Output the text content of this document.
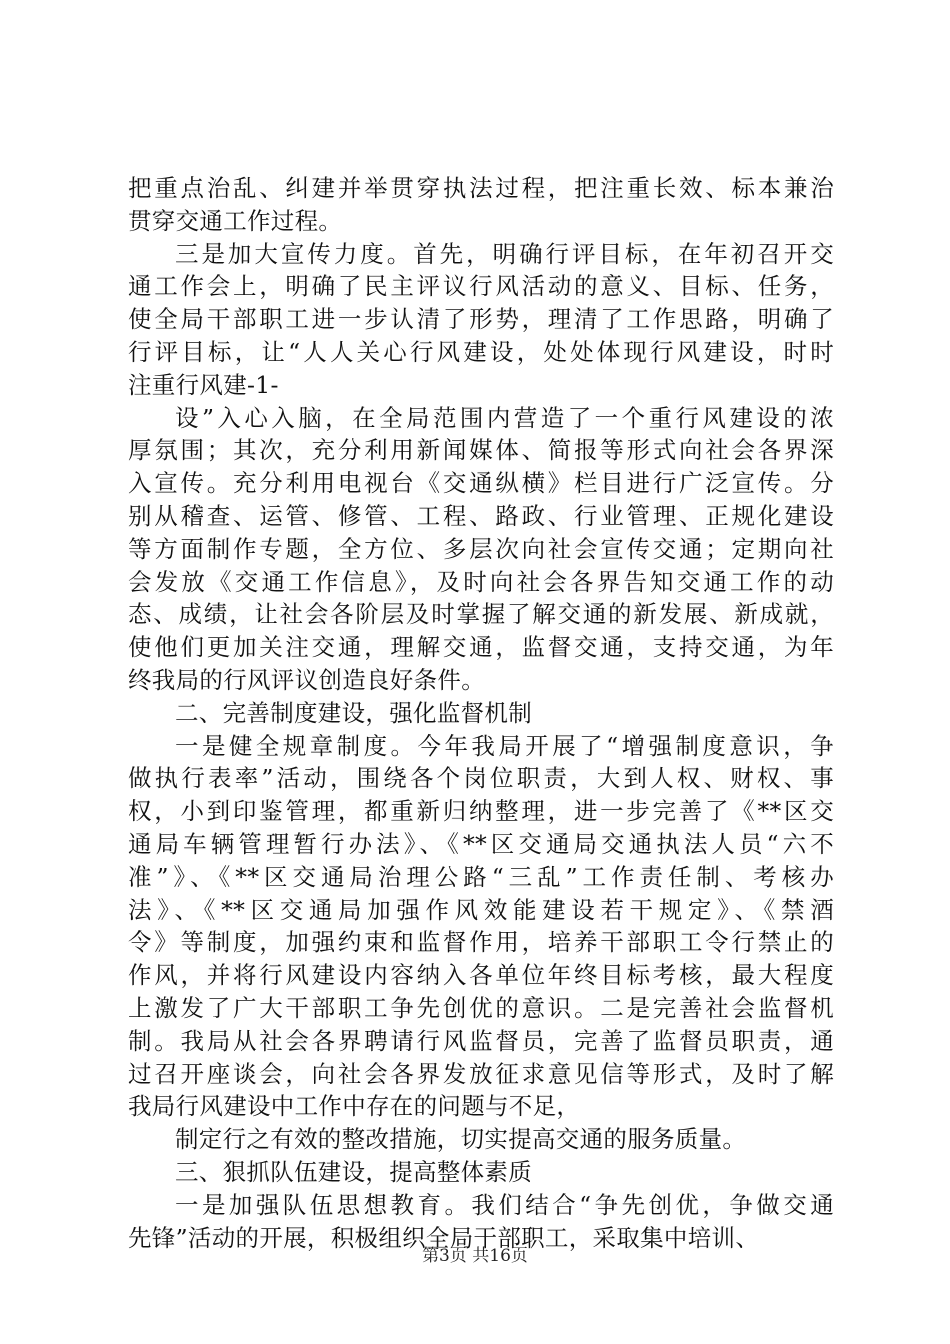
把重点治乱、纠建并举贯穿执法过程，把注重长效、标本兼治
贯穿交通工作过程。
三是加大宣传力度。首先，明确行评目标，在年初召开交
通工作会上，明确了民主评议行风活动的意义、目标、任务，
使全局干部职工进一步认清了形势，理清了工作思路，明确了
行评目标，让“人人关心行风建设，处处体现行风建设，时时
注重行风建-1-
设”入心入脑，在全局范围内营造了一个重行风建设的浓
厚氛围；其次，充分利用新闻媒体、简报等形式向社会各界深
入宣传。充分利用电视台《交通纵横》栏目进行广泛宣传。分
别从稽查、运管、修管、工程、路政、行业管理、正规化建设
等方面制作专题，全方位、多层次向社会宣传交通；定期向社
会发放《交通工作信息》，及时向社会各界告知交通工作的动
态、成绩，让社会各阶层及时掌握了解交通的新发展、新成就，
使他们更加关注交通，理解交通，监督交通，支持交通，为年
终我局的行风评议创造良好条件。
二、完善制度建设，强化监督机制
一是健全规章制度。今年我局开展了“增强制度意识，争
做执行表率”活动，围绕各个岗位职责，大到人权、财权、事
权，小到印鉴管理，都重新归纳整理，进一步完善了《**区交
通局车辆管理暂行办法》、《**区交通局交通执法人员“六不
准”》、《**区交通局治理公路“三乱”工作责任制、考核办
法》、《**区交通局加强作风效能建设若干规定》、《禁酒
令》等制度，加强约束和监督作用，培养干部职工令行禁止的
作风，并将行风建设内容纳入各单位年终目标考核，最大程度
上激发了广大干部职工争先创优的意识。二是完善社会监督机
制。我局从社会各界聘请行风监督员，完善了监督员职责，通
过召开座谈会，向社会各界发放征求意见信等形式，及时了解
我局行风建设中工作中存在的问题与不足，
制定行之有效的整改措施，切实提高交通的服务质量。
三、狠抓队伍建设，提高整体素质
一是加强队伍思想教育。我们结合“争先创优，争做交通
先锋”活动的开展，积极组织全局干部职工，采取集中培训、
第3页 共16页
